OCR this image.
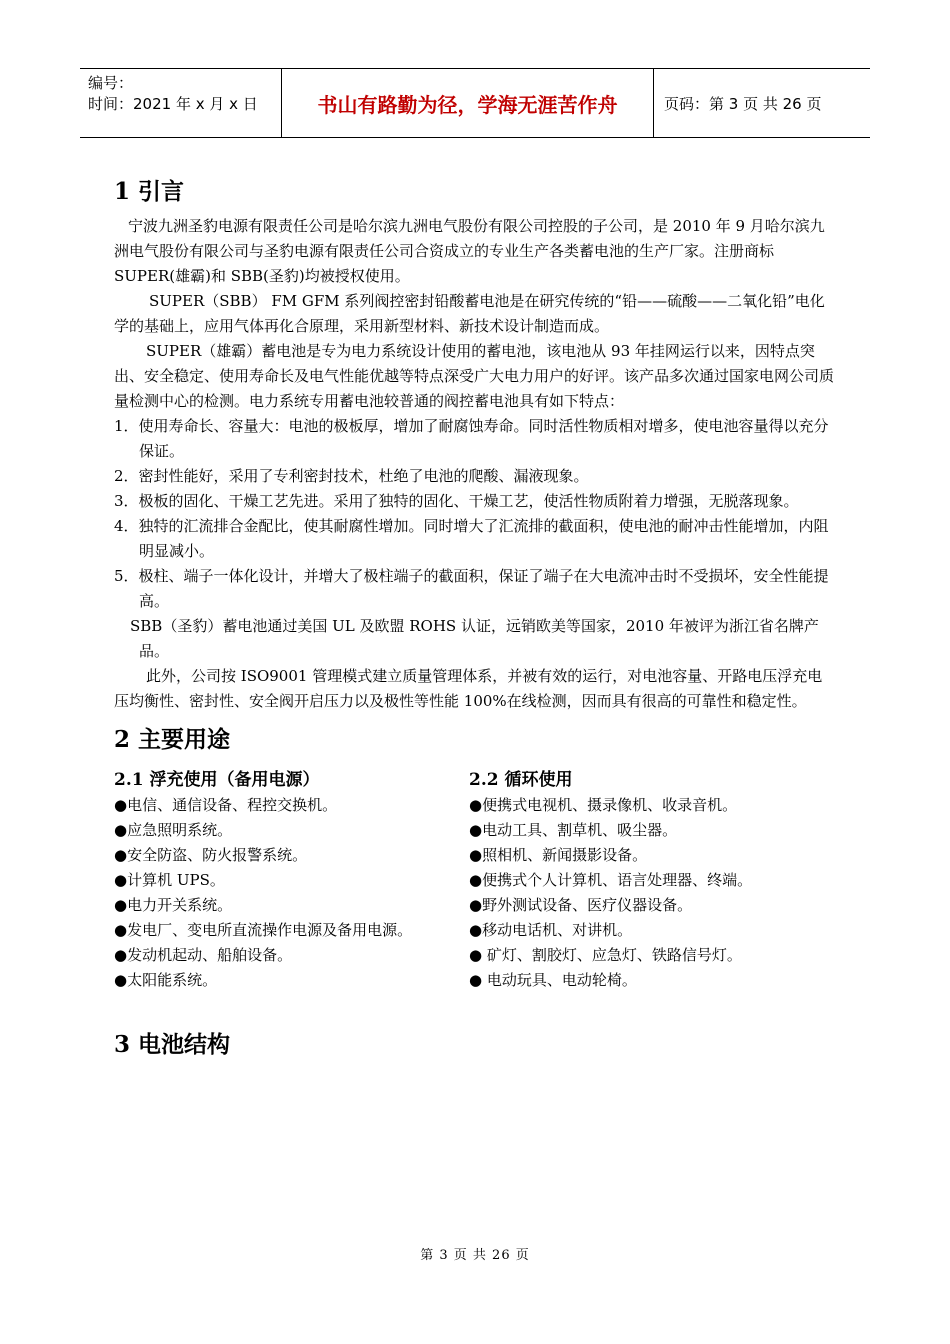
编号：
时间：2021 年 x 月 x 日	书山有路勤为径，学海无涯苦作舟	页码：第 3 页 共 26 页
1 引言

宁波九洲圣豹电源有限责任公司是哈尔滨九洲电气股份有限公司控股的子公司，是 2010 年 9 月哈尔滨九洲电气股份有限公司与圣豹电源有限责任公司合资成立的专业生产各类蓄电池的生产厂家。注册商标 SUPER(雄霸)和 SBB(圣豹)均被授权使用。

SUPER（SBB） FM GFM 系列阀控密封铅酸蓄电池是在研究传统的“铅——硫酸——二氧化铅”电化学的基础上，应用气体再化合原理，采用新型材料、新技术设计制造而成。

SUPER（雄霸）蓄电池是专为电力系统设计使用的蓄电池，该电池从 93 年挂网运行以来，因特点突出、安全稳定、使用寿命长及电气性能优越等特点深受广大电力用户的好评。该产品多次通过国家电网公司质量检测中心的检测。电力系统专用蓄电池较普通的阀控蓄电池具有如下特点：

1．使用寿命长、容量大：电池的极板厚，增加了耐腐蚀寿命。同时活性物质相对增多，使电池容量得以充分保证。
2．密封性能好，采用了专利密封技术，杜绝了电池的爬酸、漏液现象。
3．极板的固化、干燥工艺先进。采用了独特的固化、干燥工艺，使活性物质附着力增强，无脱落现象。
4．独特的汇流排合金配比，使其耐腐性增加。同时增大了汇流排的截面积，使电池的耐冲击性能增加，内阻明显减小。
5．极柱、端子一体化设计，并增大了极柱端子的截面积，保证了端子在大电流冲击时不受损坏，安全性能提高。

SBB（圣豹）蓄电池通过美国 UL 及欧盟 ROHS 认证，远销欧美等国家，2010 年被评为浙江省名牌产品。

此外，公司按 ISO9001 管理模式建立质量管理体系，并被有效的运行，对电池容量、开路电压浮充电压均衡性、密封性、安全阀开启压力以及极性等性能 100%在线检测，因而具有很高的可靠性和稳定性。

2 主要用途
2.1 浮充使用（备用电源）
●电信、通信设备、程控交换机。
●应急照明系统。
●安全防盗、防火报警系统。
●计算机 UPS。
●电力开关系统。
●发电厂、变电所直流操作电源及备用电源。
●发动机起动、船舶设备。
●太阳能系统。
2.2 循环使用
●便携式电视机、摄录像机、收录音机。
●电动工具、割草机、吸尘器。
●照相机、新闻摄影设备。
●便携式个人计算机、语言处理器、终端。
●野外测试设备、医疗仪器设备。
●移动电话机、对讲机。
● 矿灯、割胶灯、应急灯、铁路信号灯。
● 电动玩具、电动轮椅。
3 电池结构
第 3 页 共 26 页
